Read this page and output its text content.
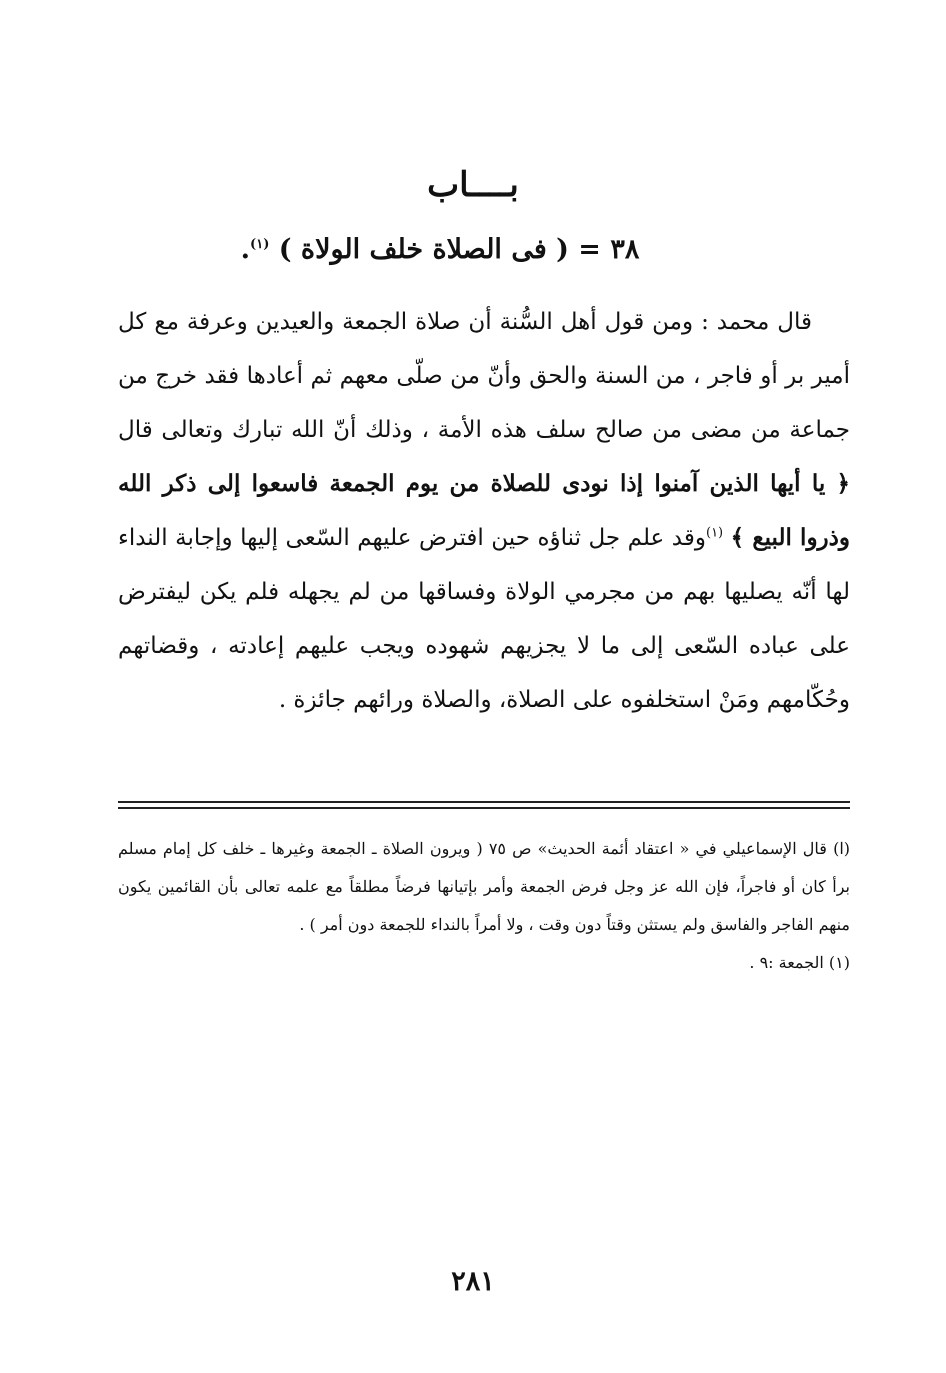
بــــاب
٣٨ = ( فى الصلاة خلف الولاة ) $^{(١)}$.

قال محمد : ومن قول أهل السُّنة أن صلاة الجمعة والعيدين وعرفة مع كل أمير بر أو فاجر ، من السنة والحق وأنّ من صلّى معهم ثم أعادها فقد خرج من جماعة من مضى من صالح سلف هذه الأمة ، وذلك أنّ الله تبارك وتعالى قال ﴿ يا أيها الذين آمنوا إذا نودى للصلاة من يوم الجمعة فاسعوا إلى ذكر الله وذروا البيع ﴾ $^{(١)}$وقد علم جل ثناؤه حين افترض عليهم السّعى إليها وإجابة النداء لها أنّه يصليها بهم من مجرمي الولاة وفساقها من لم يجهله فلم يكن ليفترض على عباده السّعى إلى ما لا يجزيهم شهوده ويجب عليهم إعادته ، وقضاتهم وحُكّامهم ومَنْ استخلفوه على الصلاة، والصلاة ورائهم جائزة .

(ا) قال الإسماعيلي في « اعتقاد أئمة الحديث» ص ٧٥ ( ويرون الصلاة ـ الجمعة وغيرها ـ خلف كل إمام مسلم برأ كان أو فاجراً، فإن الله عز وجل فرض الجمعة وأمر بإتيانها فرضاً مطلقاً مع علمه تعالى بأن القائمين يكون منهم الفاجر والفاسق ولم يستثن وقتاً دون وقت ، ولا أمراً بالنداء للجمعة دون أمر ) .

(١) الجمعة :٩ .

٢٨١
